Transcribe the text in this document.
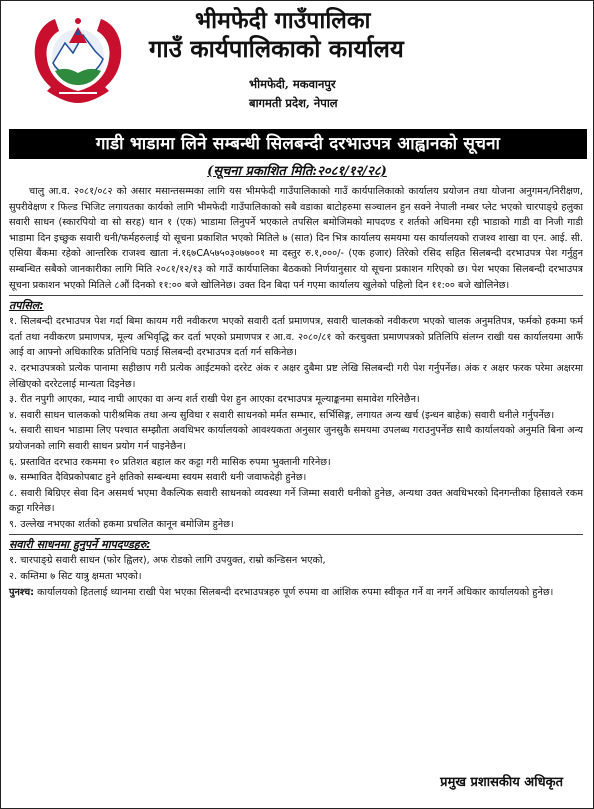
भीमफेदी गाउँपालिका
गाउँ कार्यपालिकाको कार्यालय
भीमफेदी, मकवानपुर
बागमती प्रदेश, नेपाल
गाडी भाडामा लिने सम्बन्धी सिलबन्दी दरभाउपत्र आह्वानको सूचना
(सूचना प्रकाशित मिति:२०८१/१२/२८)

चालु आ.व. २०८१/०८२ को असार मसान्तसम्मका लागि यस भीमफेदी गाउँपालिकाको गाउँ कार्यपालिकाको कार्यालय प्रयोजन तथा योजना अनुगमन/निरीक्षण, सुपरीवेक्षण र फिल्ड भिजिट लगायतका कार्यको लागि भीमफेदी गाउँपालिकाको सबै वडाका बाटोहरुमा सञ्चालन हुन सक्ने नेपाली नम्बर प्लेट भएको चारपाङ्ग्रे हलुका सवारी साधन (स्कारपियो वा सो सरह) थान १ (एक) भाडामा लिनुपर्ने भएकाले तपसिल बमोजिमको मापदण्ड र शर्तको अधिनमा रही भाडाको गाडी वा निजी गाडी भाडामा दिन इच्छुक सवारी धनी/फर्महरुलाई यो सूचना प्रकाशित भएको मितिले ७ (सात) दिन भित्र कार्यालय समयमा यस कार्यालयको राजश्व शाखा वा एन. आई. सी. एसिया बैंकमा रहेको आन्तरिक राजश्व खाता नं.१६७CA५७५०३०७७००१ मा दस्तुर रु.१,०००/- (एक हजार) तिरेको रसिद सहित सिलबन्दी दरभाउपत्र पेश गर्नुहुन सम्बन्धित सबैको जानकारीका लागि मिति २०८१/१२/१३ को गाउँ कार्यपालिका बैठकको निर्णयानुसार यो सूचना प्रकाशन गरिएको छ। पेश भएका सिलबन्दी दरभाउपत्र सूचना प्रकाशन भएको मितिले ८औं दिनको ११:०० बजे खोलिनेछ। उक्त दिन बिदा पर्न गएमा कार्यालय खुलेको पहिलो दिन ११:०० बजे खोलिनेछ।

तपसिल:

१. सिलबन्दी दरभाउपत्र पेश गर्दा बिमा कायम गरी नवीकरण भएको सवारी दर्ता प्रमाणपत्र, सवारी चालकको नवीकरण भएको चालक अनुमतिपत्र, फर्मको हकमा फर्म दर्ता तथा नवीकरण प्रमाणपत्र, मूल्य अभिवृद्धि कर दर्ता भएको प्रमाणपत्र र आ.व. २०८०/८१ को करचुक्ता प्रमाणपत्रको प्रतिलिपि संलग्न राखी यस कार्यालयमा आफैं आई वा आफ्नो अधिकारिक प्रतिनिधि पठाई सिलबन्दी दरभाउपत्र दर्ता गर्न सकिनेछ।

२. दरभाउपत्रको प्रत्येक पानामा सहीछाप गरी प्रत्येक आईटमको दररेट अंक र अक्षर दुबैमा प्रष्ट लेखि सिलबन्दी गरी पेश गर्नुपर्नेछ। अंक र अक्षर फरक परेमा अक्षरमा लेखिएको दररेटलाई मान्यता दिइनेछ।

३. रीत नपुगी आएका, म्याद नाघी आएका वा अन्य शर्त राखी पेश हुन आएका दरभाउपत्र मूल्याङ्कनमा समावेश गरिनेछैन।

४. सवारी साधन चालकको पारीश्रमिक तथा अन्य सुविधा र सवारी साधनको मर्मत सम्भार, सर्भिसिङ्ग, लगायत अन्य खर्च (इन्धन बाहेक) सवारी धनीले गर्नुपर्नेछ।

५. सवारी साधन भाडामा लिए पश्चात सम्झौता अवधिभर कार्यालयको आवश्यकता अनुसार जुनसुकै समयमा उपलब्ध गराउनुपर्नेछ साथै कार्यालयको अनुमति बिना अन्य प्रयोजनको लागि सवारी साधन प्रयोग गर्न पाइनेछैन।

६. प्रस्तावित दरभाउ रकममा १० प्रतिशत बहाल कर कट्टा गरी मासिक रुपमा भुक्तानी गरिनेछ।

७. सम्भावित दैविप्रकोपबाट हुने क्षतिको सम्बन्धमा स्वयम सवारी धनी जवाफदेही हुनेछ।

८. सवारी बिग्रिएर सेवा दिन असमर्थ भएमा वैकल्पिक सवारी साधनको व्यवस्था गर्ने जिम्मा सवारी धनीको हुनेछ, अन्यथा उक्त अवधिभरको दिनगन्तीका हिसावले रकम कट्टा गरिनेछ।

९. उल्लेख नभएका शर्तको हकमा प्रचलित कानून बमोजिम हुनेछ।

सवारी साधनमा हुनुपर्ने मापदण्डहरु:

१. चारपाङ्ग्रे सवारी साधन (फोर ह्विलर), अफ रोडको लागि उपयुक्त, राम्रो कन्डिसन भएको,

२. कम्तिमा ७ सिट यात्रु क्षमता भएको।

पुनश्च: कार्यालयको हितलाई ध्यानमा राखी पेश भएका सिलबन्दी दरभाउपत्रहरु पूर्ण रुपमा वा आंशिक रुपमा स्वीकृत गर्ने वा नगर्ने अधिकार कार्यालयको हुनेछ।

प्रमुख प्रशासकीय अधिकृत
